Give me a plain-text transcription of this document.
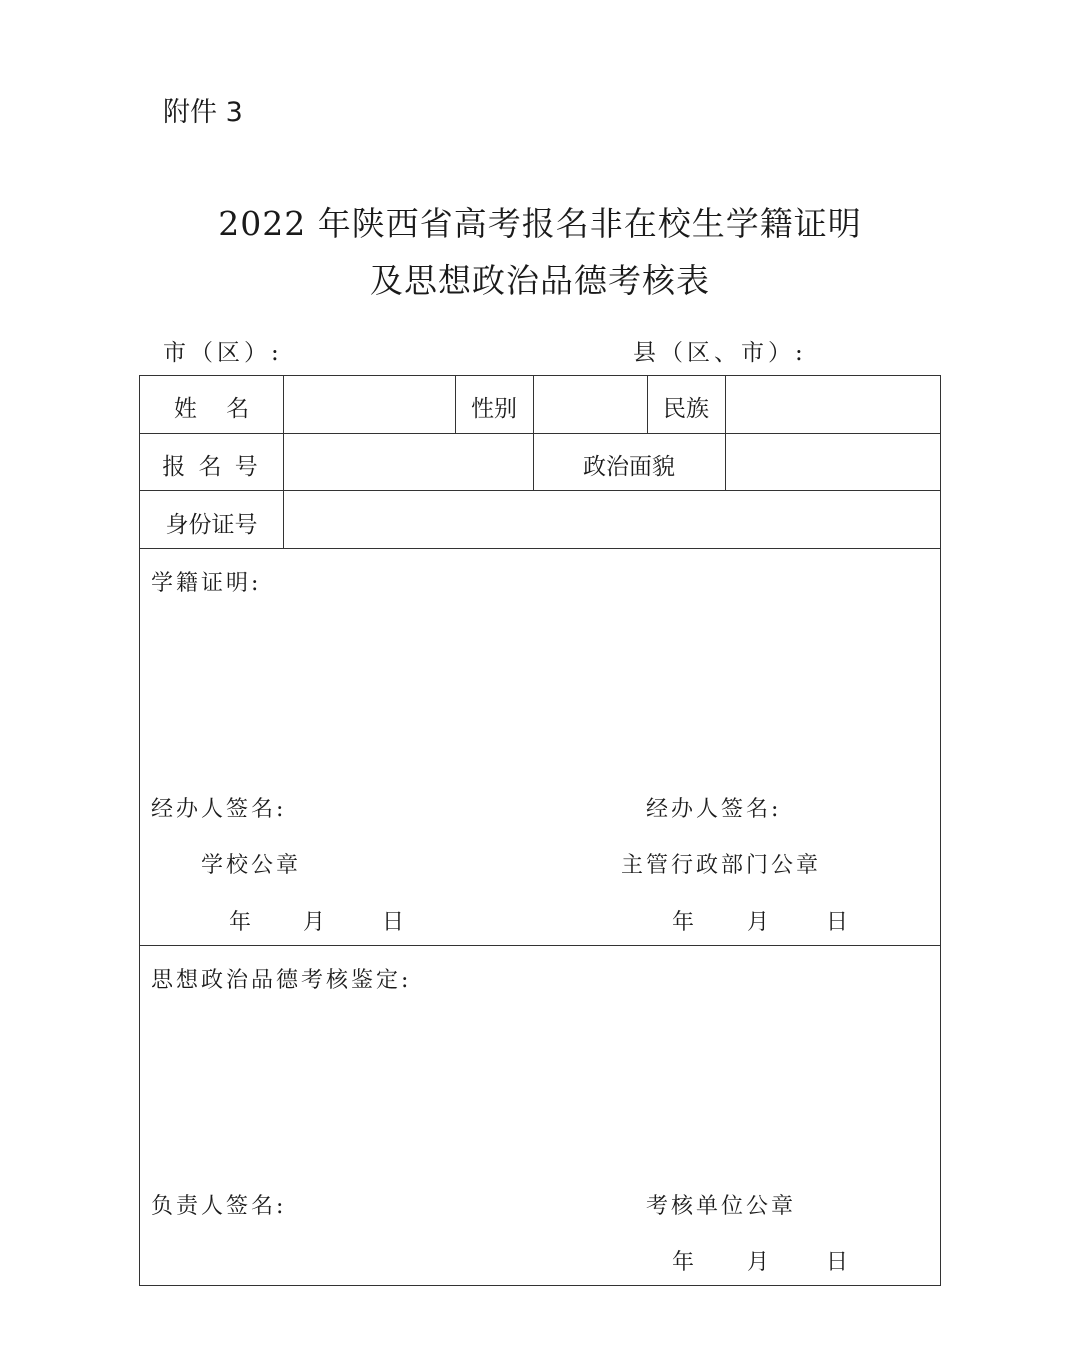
附件 3
2022 年陕西省高考报名非在校生学籍证明
及思想政治品德考核表
市（区）:	县（区、市）:
姓    名	性别	民族
报 名 号	政治面貌
身份证号
学籍证明:
经办人签名:	经办人签名:
学校公章	主管行政部门公章
年 月 日	年 月 日
思想政治品德考核鉴定:
负责人签名:	考核单位公章
年 月 日
